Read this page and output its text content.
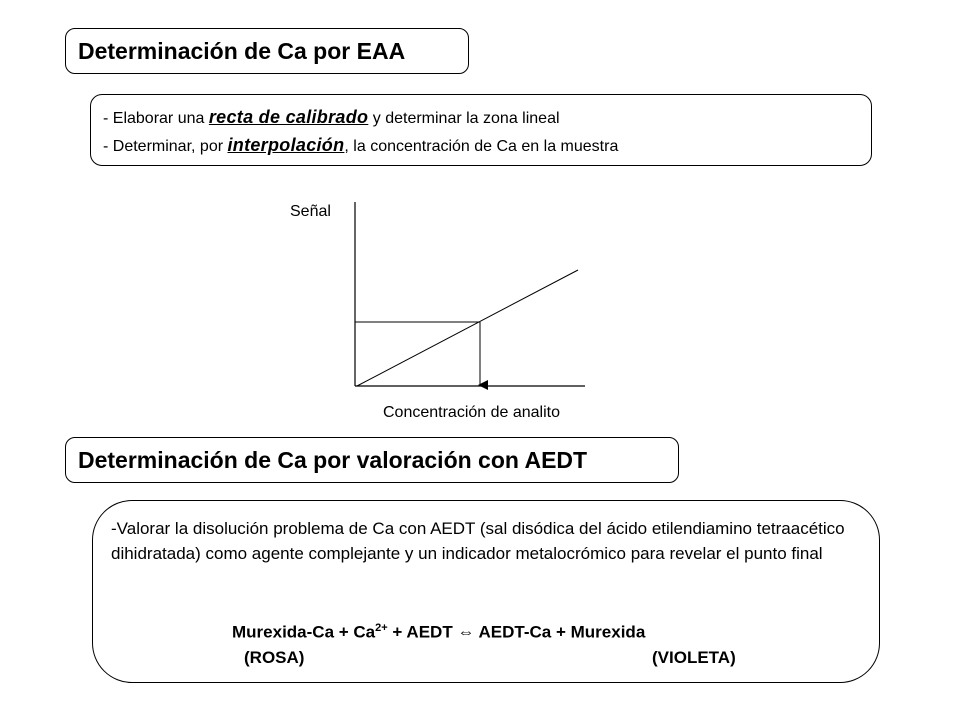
Determinación de Ca por EAA
- Elaborar una recta de calibrado y determinar la zona lineal
- Determinar, por interpolación, la concentración de Ca en la muestra
Señal
Concentración de analito
Determinación de Ca por valoración con AEDT
-Valorar la disolución problema de Ca con AEDT (sal disódica del ácido etilendiamino tetraacético dihidratada) como agente complejante y un indicador metalocrómico para revelar el punto final
Murexida-Ca + $Ca^{2+}$ + AEDT ⇔ AEDT-Ca + Murexida
(ROSA)	(VIOLETA)
